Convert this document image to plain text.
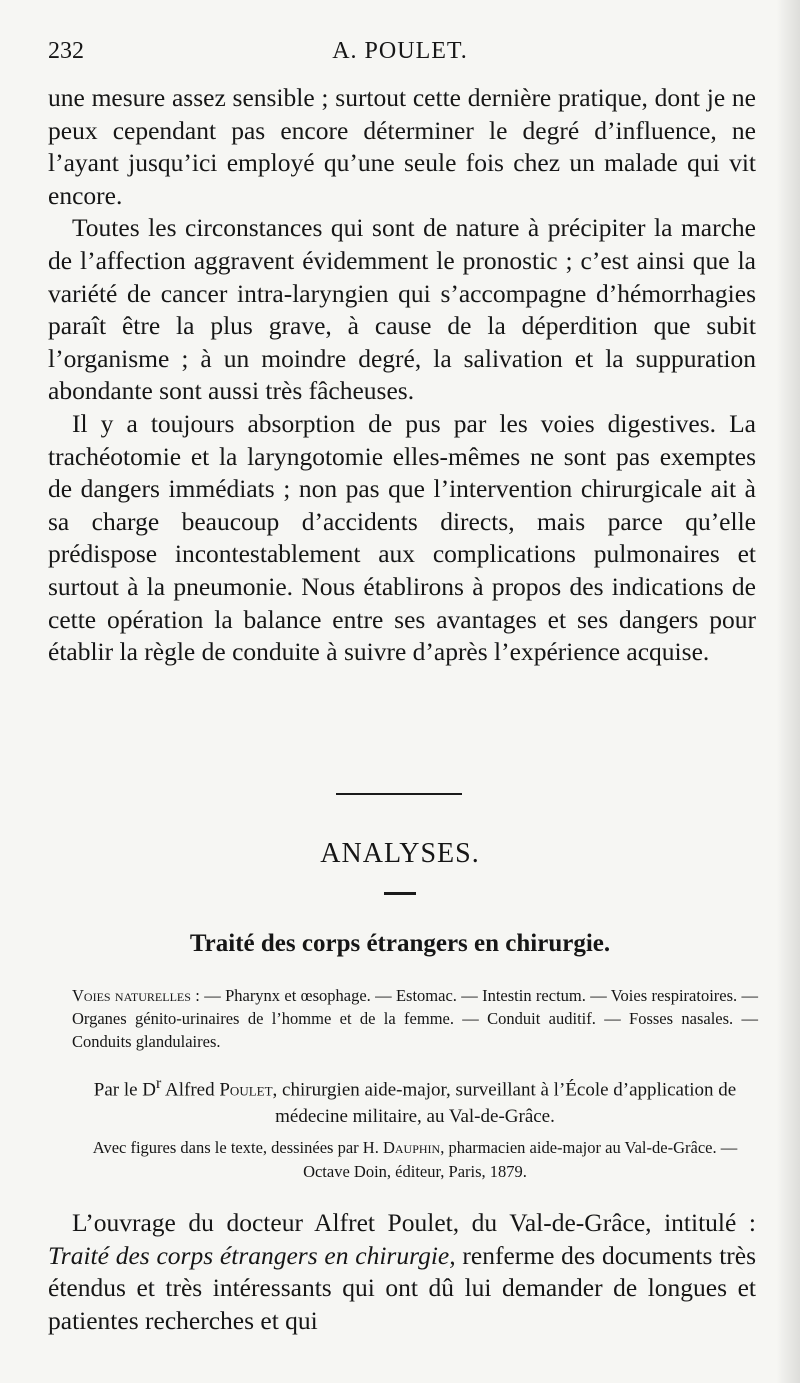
232	A. POULET.

une mesure assez sensible ; surtout cette dernière pratique, dont je ne peux cependant pas encore déterminer le degré d’influence, ne l’ayant jusqu’ici employé qu’une seule fois chez un malade qui vit encore.

Toutes les circonstances qui sont de nature à précipiter la marche de l’affection aggravent évidemment le pronostic ; c’est ainsi que la variété de cancer intra-laryngien qui s’accompagne d’hémorrhagies paraît être la plus grave, à cause de la déperdition que subit l’organisme ; à un moindre degré, la salivation et la suppuration abondante sont aussi très fâcheuses.

Il y a toujours absorption de pus par les voies digestives. La trachéotomie et la laryngotomie elles-mêmes ne sont pas exemptes de dangers immédiats ; non pas que l’intervention chirurgicale ait à sa charge beaucoup d’accidents directs, mais parce qu’elle prédispose incontestablement aux complications pulmonaires et surtout à la pneumonie. Nous établirons à propos des indications de cette opération la balance entre ses avantages et ses dangers pour établir la règle de conduite à suivre d’après l’expérience acquise.

ANALYSES.
Traité des corps étrangers en chirurgie.

Voies naturelles : — Pharynx et œsophage. — Estomac. — Intestin rectum. — Voies respiratoires. — Organes génito-urinaires de l’homme et de la femme. — Conduit auditif. — Fosses nasales. — Conduits glandulaires.

Par le $D^r$ Alfred Poulet, chirurgien aide-major, surveillant à l’École d’application de médecine militaire, au Val-de-Grâce.

Avec figures dans le texte, dessinées par H. Dauphin, pharmacien aide-major au Val-de-Grâce. — Octave Doin, éditeur, Paris, 1879.

L’ouvrage du docteur Alfret Poulet, du Val-de-Grâce, intitulé : Traité des corps étrangers en chirurgie, renferme des documents très étendus et très intéressants qui ont dû lui demander de longues et patientes recherches et qui
